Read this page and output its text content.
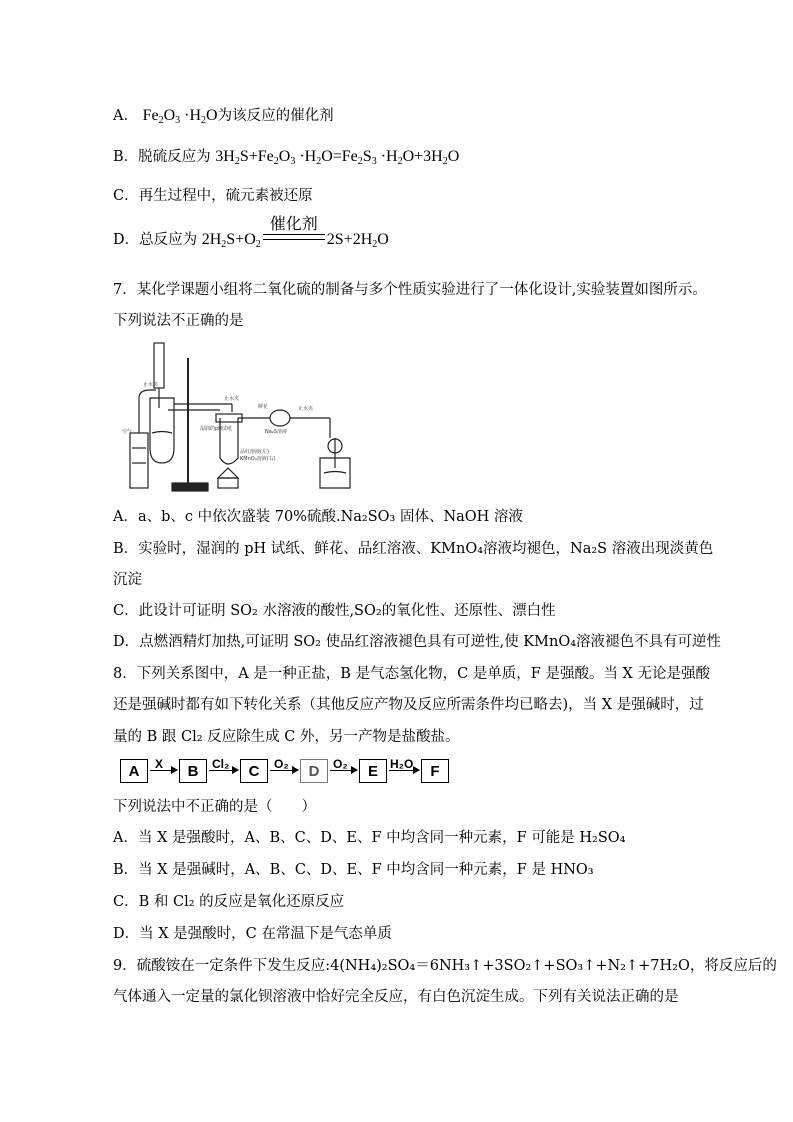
A． $Fe_2O_3 \cdot H_2O$为该反应的催化剂
B．脱硫反应为 $3H_2S+Fe_2O_3 \cdot H_2O=Fe_2S_3 \cdot H_2O+3H_2O$
C．再生过程中，硫元素被还原
D．总反应为 $2H_2S+O_2$
催化剂
$2S+2H_2O$
7．某化学课题小组将二氧化硫的制备与多个性质实验进行了一体化设计,实验装置如图所示。
下列说法不正确的是
空气
止水夹
止水夹
止水夹
鲜花
湿润的pH试纸	Na₂S溶液
品红溶液(左)
KMnO₄溶液(右)
A．a、b、c 中依次盛装 70%硫酸.Na₂SO₃ 固体、NaOH 溶液
B．实验时，湿润的 pH 试纸、鲜花、品红溶液、KMnO₄溶液均褪色，Na₂S 溶液出现淡黄色
沉淀
C．此设计可证明 SO₂ 水溶液的酸性,SO₂的氧化性、还原性、漂白性
D．点燃酒精灯加热,可证明 SO₂ 使品红溶液褪色具有可逆性,使 KMnO₄溶液褪色不具有可逆性
8．下列关系图中，A 是一种正盐，B 是气态氢化物，C 是单质，F 是强酸。当 X 无论是强酸
还是强碱时都有如下转化关系（其他反应产物及反应所需条件均已略去)，当 X 是强碱时，过
量的 B 跟 Cl₂ 反应除生成 C 外，另一产物是盐酸盐。
A	X	B	Cl₂	C	O₂	D	O₂	E	H₂O	F
下列说法中不正确的是（　　）
A．当 X 是强酸时，A、B、C、D、E、F 中均含同一种元素，F 可能是 H₂SO₄
B．当 X 是强碱时，A、B、C、D、E、F 中均含同一种元素，F 是 HNO₃
C．B 和 Cl₂ 的反应是氧化还原反应
D．当 X 是强酸时，C 在常温下是气态单质
9．硫酸铵在一定条件下发生反应:4(NH₄)₂SO₄＝6NH₃↑+3SO₂↑+SO₃↑+N₂↑+7H₂O，将反应后的
气体通入一定量的氯化钡溶液中恰好完全反应，有白色沉淀生成。下列有关说法正确的是
